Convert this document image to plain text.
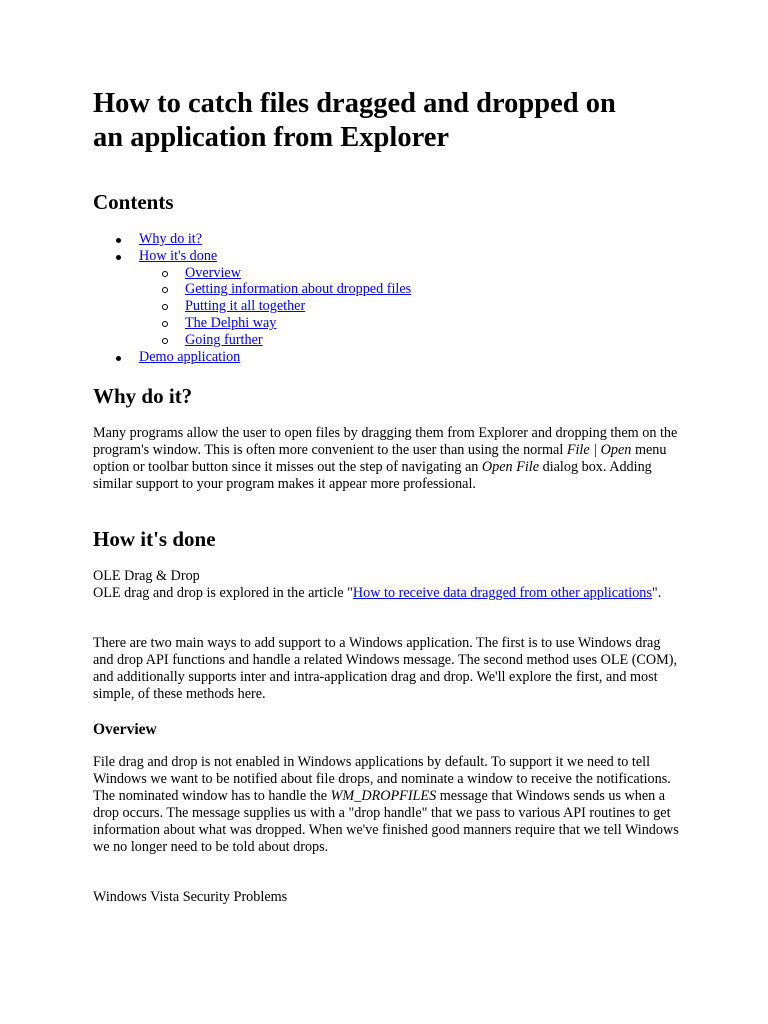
How to catch files dragged and dropped on
an application from Explorer
Contents
Why do it?
How it's done
Overview
Getting information about dropped files
Putting it all together
The Delphi way
Going further
Demo application
Why do it?

Many programs allow the user to open files by dragging them from Explorer and dropping them on the program's window. This is often more convenient to the user than using the normal File | Open menu option or toolbar button since it misses out the step of navigating an Open File dialog box. Adding similar support to your program makes it appear more professional.

How it's done

OLE Drag & Drop
OLE drag and drop is explored in the article "How to receive data dragged from other applications".

There are two main ways to add support to a Windows application. The first is to use Windows drag and drop API functions and handle a related Windows message. The second method uses OLE (COM), and additionally supports inter and intra-application drag and drop. We'll explore the first, and most simple, of these methods here.

Overview

File drag and drop is not enabled in Windows applications by default. To support it we need to tell Windows we want to be notified about file drops, and nominate a window to receive the notifications. The nominated window has to handle the WM_DROPFILES message that Windows sends us when a drop occurs. The message supplies us with a "drop handle" that we pass to various API routines to get information about what was dropped. When we've finished good manners require that we tell Windows we no longer need to be told about drops.

Windows Vista Security Problems
